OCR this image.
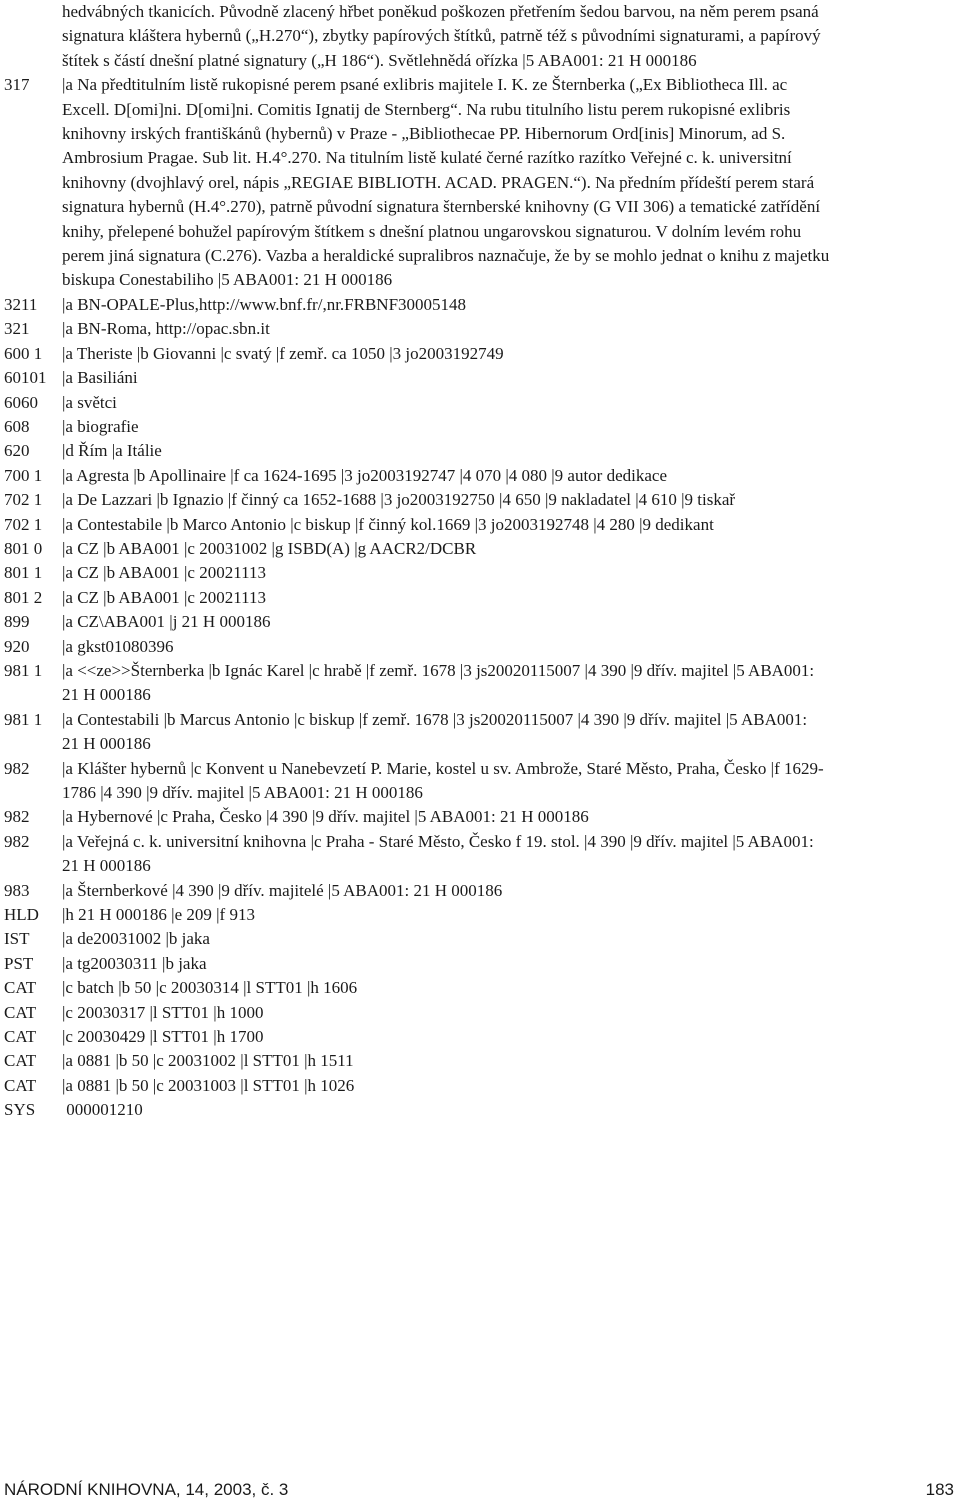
hedvábných tkanicích. Původně zlacený hřbet poněkud poškozen přetřením šedou barvou, na něm perem psaná
signatura kláštera hybernů („H.270“), zbytky papírových štítků, patrně též s původními signaturami, a papírový
štítek s částí dnešní platné signatury („H 186“). Světlehnědá ořízka |5 ABA001: 21 H 000186
317	|a Na předtitulním listě rukopisné perem psané exlibris majitele I. K. ze Šternberka („Ex Bibliotheca Ill. ac
Excell. D[omi]ni. D[omi]ni. Comitis Ignatij de Sternberg“. Na rubu titulního listu perem rukopisné exlibris
knihovny irských františkánů (hybernů) v Praze - „Bibliothecae PP. Hibernorum Ord[inis] Minorum, ad S.
Ambrosium Pragae. Sub lit. H.4°.270. Na titulním listě kulaté černé razítko razítko Veřejné c. k. universitní
knihovny (dvojhlavý orel, nápis „REGIAE BIBLIOTH. ACAD. PRAGEN.“). Na předním přídeští perem stará
signatura hybernů (H.4°.270), patrně původní signatura šternberské knihovny (G VII 306) a tematické zatřídění
knihy, přelepené bohužel papírovým štítkem s dnešní platnou ungarovskou signaturou. V dolním levém rohu
perem jiná signatura (C.276). Vazba a heraldické supralibros naznačuje, že by se mohlo jednat o knihu z majetku
biskupa Conestabiliho |5 ABA001: 21 H 000186
3211	|a BN-OPALE-Plus,http://www.bnf.fr/,nr.FRBNF30005148
321	|a BN-Roma, http://opac.sbn.it
600 1	|a Theriste |b Giovanni |c svatý |f zemř. ca 1050 |3 jo2003192749
60101 |a Basiliáni
6060	|a světci
608	|a biografie
620	|d Řím |a Itálie
700 1	|a Agresta |b Apollinaire |f ca 1624-1695 |3 jo2003192747 |4 070 |4 080 |9 autor dedikace
702 1	|a De Lazzari |b Ignazio |f činný ca 1652-1688 |3 jo2003192750 |4 650 |9 nakladatel |4 610 |9 tiskař
702 1	|a Contestabile |b Marco Antonio |c biskup |f činný kol.1669 |3 jo2003192748 |4 280 |9 dedikant
801 0	|a CZ |b ABA001 |c 20031002 |g ISBD(A) |g AACR2/DCBR
801 1	|a CZ |b ABA001 |c 20021113
801 2	|a CZ |b ABA001 |c 20021113
899	|a CZ\ABA001 |j 21 H 000186
920	|a gkst01080396
981 1	|a <<ze>>Šternberka |b Ignác Karel |c hrabě |f zemř. 1678 |3 js20020115007 |4 390 |9 dřív. majitel |5 ABA001:
21 H 000186
981 1	|a Contestabili |b Marcus Antonio |c biskup |f zemř. 1678 |3 js20020115007 |4 390 |9 dřív. majitel |5 ABA001:
21 H 000186
982	|a Klášter hybernů |c Konvent u Nanebevzetí P. Marie, kostel u sv. Ambrože, Staré Město, Praha, Česko |f 1629-
1786 |4 390 |9 dřív. majitel |5 ABA001: 21 H 000186
982	|a Hybernové |c Praha, Česko |4 390 |9 dřív. majitel |5 ABA001: 21 H 000186
982	|a Veřejná c. k. universitní knihovna |c Praha - Staré Město, Česko f 19. stol. |4 390 |9 dřív. majitel |5 ABA001:
21 H 000186
983	|a Šternberkové |4 390 |9 dřív. majitelé |5 ABA001: 21 H 000186
HLD	|h 21 H 000186 |e 209 |f 913
IST	|a de20031002 |b jaka
PST	|a tg20030311 |b jaka
CAT	|c batch |b 50 |c 20030314 |l STT01 |h 1606
CAT	|c 20030317 |l STT01 |h 1000
CAT	|c 20030429 |l STT01 |h 1700
CAT	|a 0881 |b 50 |c 20031002 |l STT01 |h 1511
CAT	|a 0881 |b 50 |c 20031003 |l STT01 |h 1026
SYS	000001210
NÁRODNÍ KNIHOVNA, 14, 2003, č. 3	183
